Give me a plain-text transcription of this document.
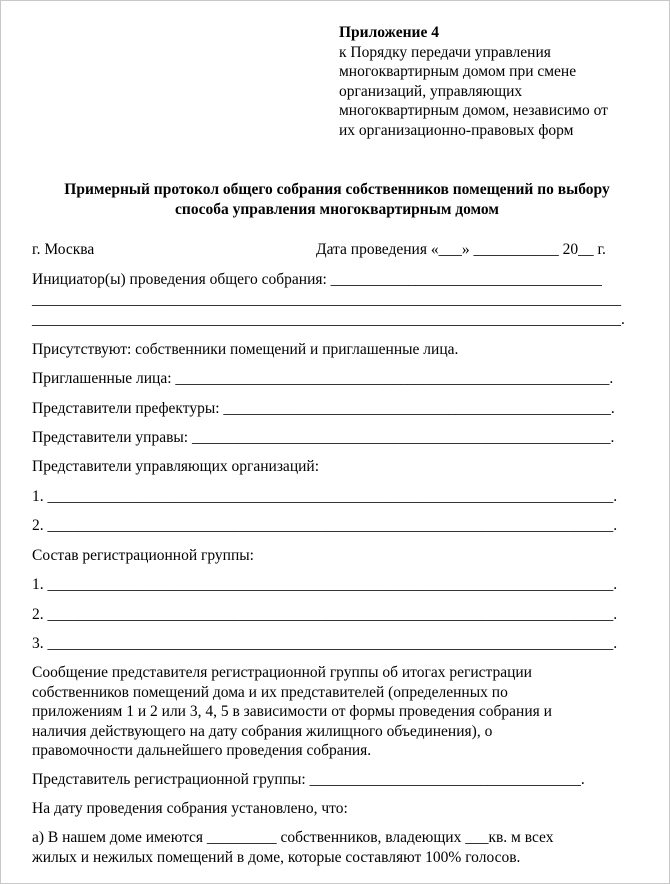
Приложение 4
к Порядку передачи управления
многоквартирным домом при смене
организаций, управляющих
многоквартирным домом, независимо от
их организационно-правовых форм
Примерный протокол общего собрания собственников помещений по выбору
способа управления многоквартирным домом
г. Москва	Дата проведения «___» ___________ 20__ г.
Инициатор(ы) проведения общего собрания: ___________________________________
____________________________________________________________________________
____________________________________________________________________________.
Присутствуют: собственники помещений и приглашенные лица.
Приглашенные лица: ________________________________________________________.
Представители префектуры: __________________________________________________.
Представители управы: ______________________________________________________.
Представители управляющих организаций:
1. _________________________________________________________________________.
2. _________________________________________________________________________.
Состав регистрационной группы:
1. _________________________________________________________________________.
2. _________________________________________________________________________.
3. _________________________________________________________________________.
Сообщение представителя регистрационной группы об итогах регистрации
собственников помещений дома и их представителей (определенных по
приложениям 1 и 2 или 3, 4, 5 в зависимости от формы проведения собрания и
наличия действующего на дату собрания жилищного объединения), о
правомочности дальнейшего проведения собрания.
Представитель регистрационной группы: ___________________________________.
На дату проведения собрания установлено, что:
а) В нашем доме имеются _________ собственников, владеющих ___кв. м всех
жилых и нежилых помещений в доме, которые составляют 100% голосов.
